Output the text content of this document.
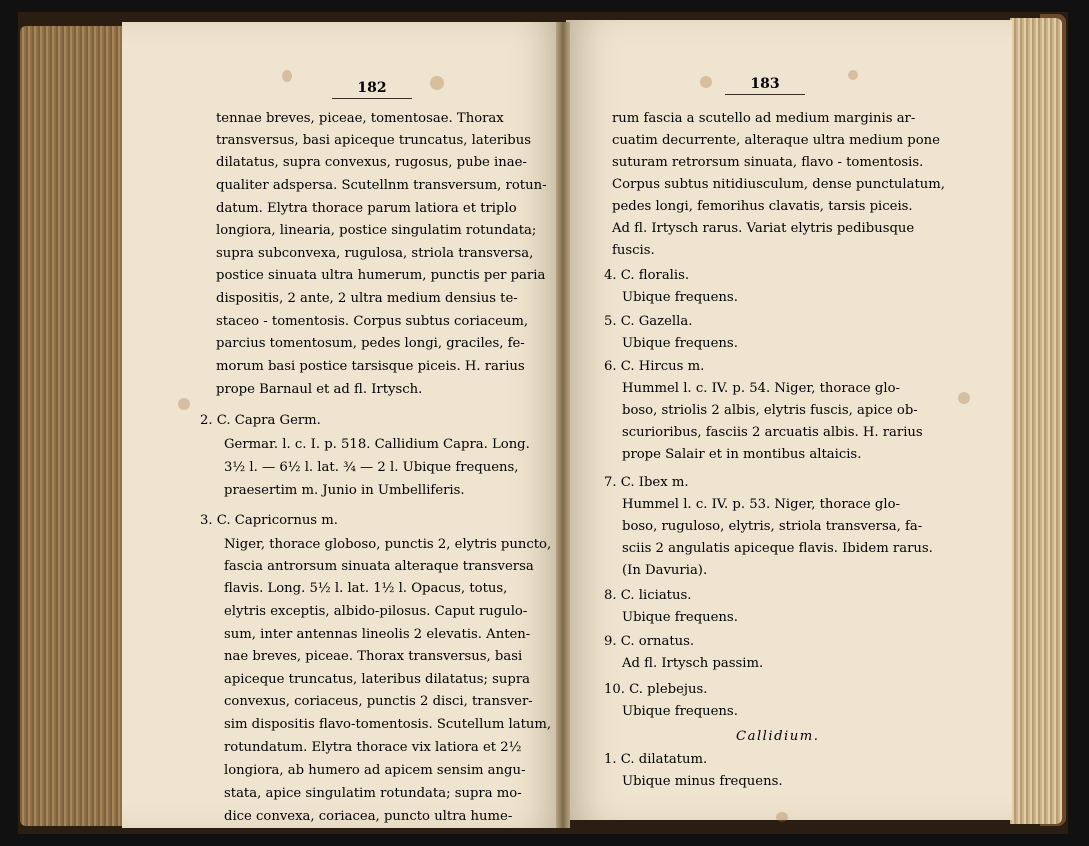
182	183
tennae breves, piceae, tomentosae. Thorax
transversus, basi apiceque truncatus, lateribus
dilatatus, supra convexus, rugosus, pube inae-
qualiter adspersa. Scutellnm transversum, rotun-
datum. Elytra thorace parum latiora et triplo
longiora, linearia, postice singulatim rotundata;
supra subconvexa, rugulosa, striola transversa,
postice sinuata ultra humerum, punctis per paria
dispositis, 2 ante, 2 ultra medium densius te-
staceo - tomentosis. Corpus subtus coriaceum,
parcius tomentosum, pedes longi, graciles, fe-
morum basi postice tarsisque piceis. H. rarius
prope Barnaul et ad fl. Irtysch.
2. C. Capra Germ.
Germar. l. c. I. p. 518. Callidium Capra. Long.
3½ l. — 6½ l. lat. ¾ — 2 l. Ubique frequens,
praesertim m. Junio in Umbelliferis.
3. C. Capricornus m.
Niger, thorace globoso, punctis 2, elytris puncto,
fascia antrorsum sinuata alteraque transversa
flavis. Long. 5½ l. lat. 1½ l. Opacus, totus,
elytris exceptis, albido-pilosus. Caput rugulo-
sum, inter antennas lineolis 2 elevatis. Anten-
nae breves, piceae. Thorax transversus, basi
apiceque truncatus, lateribus dilatatus; supra
convexus, coriaceus, punctis 2 disci, transver-
sim dispositis flavo-tomentosis. Scutellum latum,
rotundatum. Elytra thorace vix latiora et 2½
longiora, ab humero ad apicem sensim angu-
stata, apice singulatim rotundata; supra mo-
dice convexa, coriacea, puncto ultra hume-
rum fascia a scutello ad medium marginis ar-
cuatim decurrente, alteraque ultra medium pone
suturam retrorsum sinuata, flavo - tomentosis.
Corpus subtus nitidiusculum, dense punctulatum,
pedes longi, femorihus clavatis, tarsis piceis.
Ad fl. Irtysch rarus. Variat elytris pedibusque
fuscis.
4. C. floralis.
Ubique frequens.
5. C. Gazella.
Ubique frequens.
6. C. Hircus m.
Hummel l. c. IV. p. 54. Niger, thorace glo-
boso, striolis 2 albis, elytris fuscis, apice ob-
scurioribus, fasciis 2 arcuatis albis. H. rarius
prope Salair et in montibus altaicis.
7. C. Ibex m.
Hummel l. c. IV. p. 53. Niger, thorace glo-
boso, ruguloso, elytris, striola transversa, fa-
sciis 2 angulatis apiceque flavis. Ibidem rarus.
(In Davuria).
8. C. liciatus.
Ubique frequens.
9. C. ornatus.
Ad fl. Irtysch passim.
10. C. plebejus.
Ubique frequens.
Callidium.
1. C. dilatatum.
Ubique minus frequens.
